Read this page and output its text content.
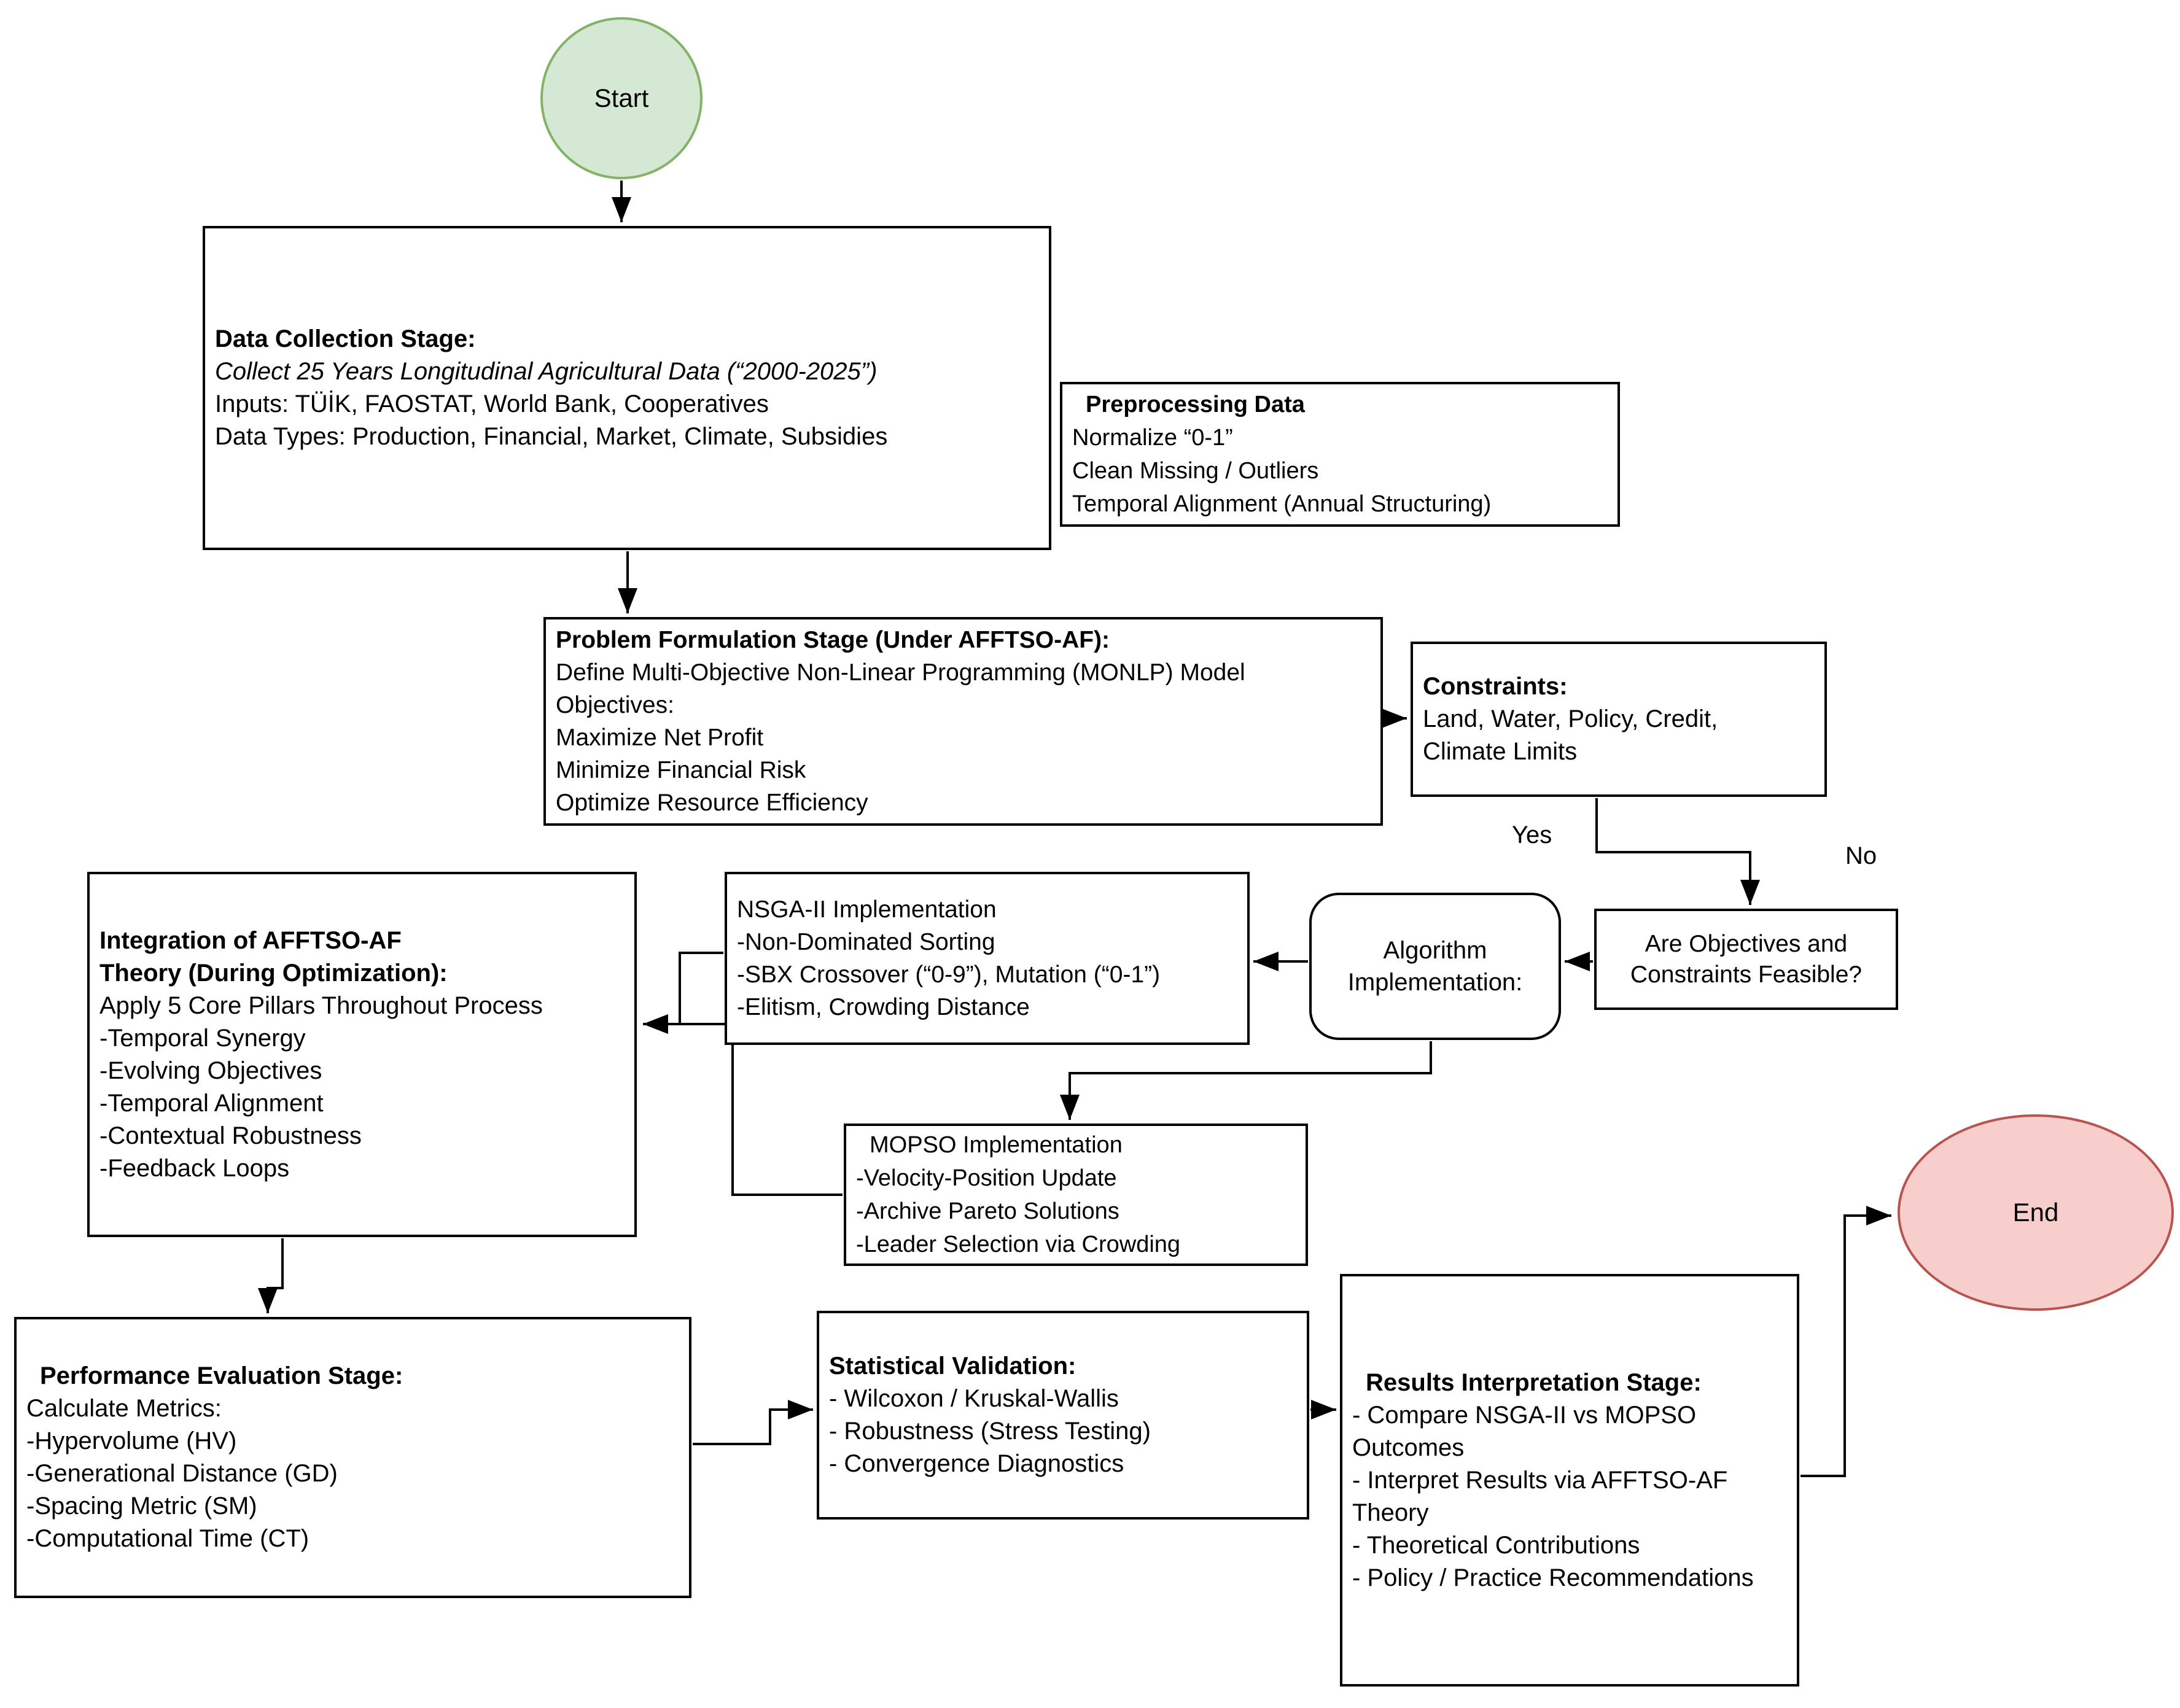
Start
Data Collection Stage:
Collect 25 Years Longitudinal Agricultural Data (“2000-2025”)
Inputs: TÜİK, FAOSTAT, World Bank, Cooperatives
Data Types: Production, Financial, Market, Climate, Subsidies
Preprocessing Data
Normalize “0-1”
Clean Missing / Outliers
Temporal Alignment (Annual Structuring)
Problem Formulation Stage (Under AFFTSO-AF):
Define Multi-Objective Non-Linear Programming (MONLP) Model
Objectives:
Maximize Net Profit
Minimize Financial Risk
Optimize Resource Efficiency
Constraints:
Land, Water, Policy, Credit,
Climate Limits
Yes
No
Are Objectives and
Constraints Feasible?
Algorithm
Implementation:
NSGA-II Implementation
-Non-Dominated Sorting
-SBX Crossover (“0-9”), Mutation (“0-1”)
-Elitism, Crowding Distance
Integration of AFFTSO-AF
Theory (During Optimization):
Apply 5 Core Pillars Throughout Process
-Temporal Synergy
-Evolving Objectives
-Temporal Alignment
-Contextual Robustness
-Feedback Loops
MOPSO Implementation
-Velocity-Position Update
-Archive Pareto Solutions
-Leader Selection via Crowding
Performance Evaluation Stage:
Calculate Metrics:
-Hypervolume (HV)
-Generational Distance (GD)
-Spacing Metric (SM)
-Computational Time (CT)
Statistical Validation:
- Wilcoxon / Kruskal-Wallis
- Robustness (Stress Testing)
- Convergence Diagnostics
Results Interpretation Stage:
- Compare NSGA-II vs MOPSO
Outcomes
- Interpret Results via AFFTSO-AF
Theory
- Theoretical Contributions
- Policy / Practice Recommendations
End
